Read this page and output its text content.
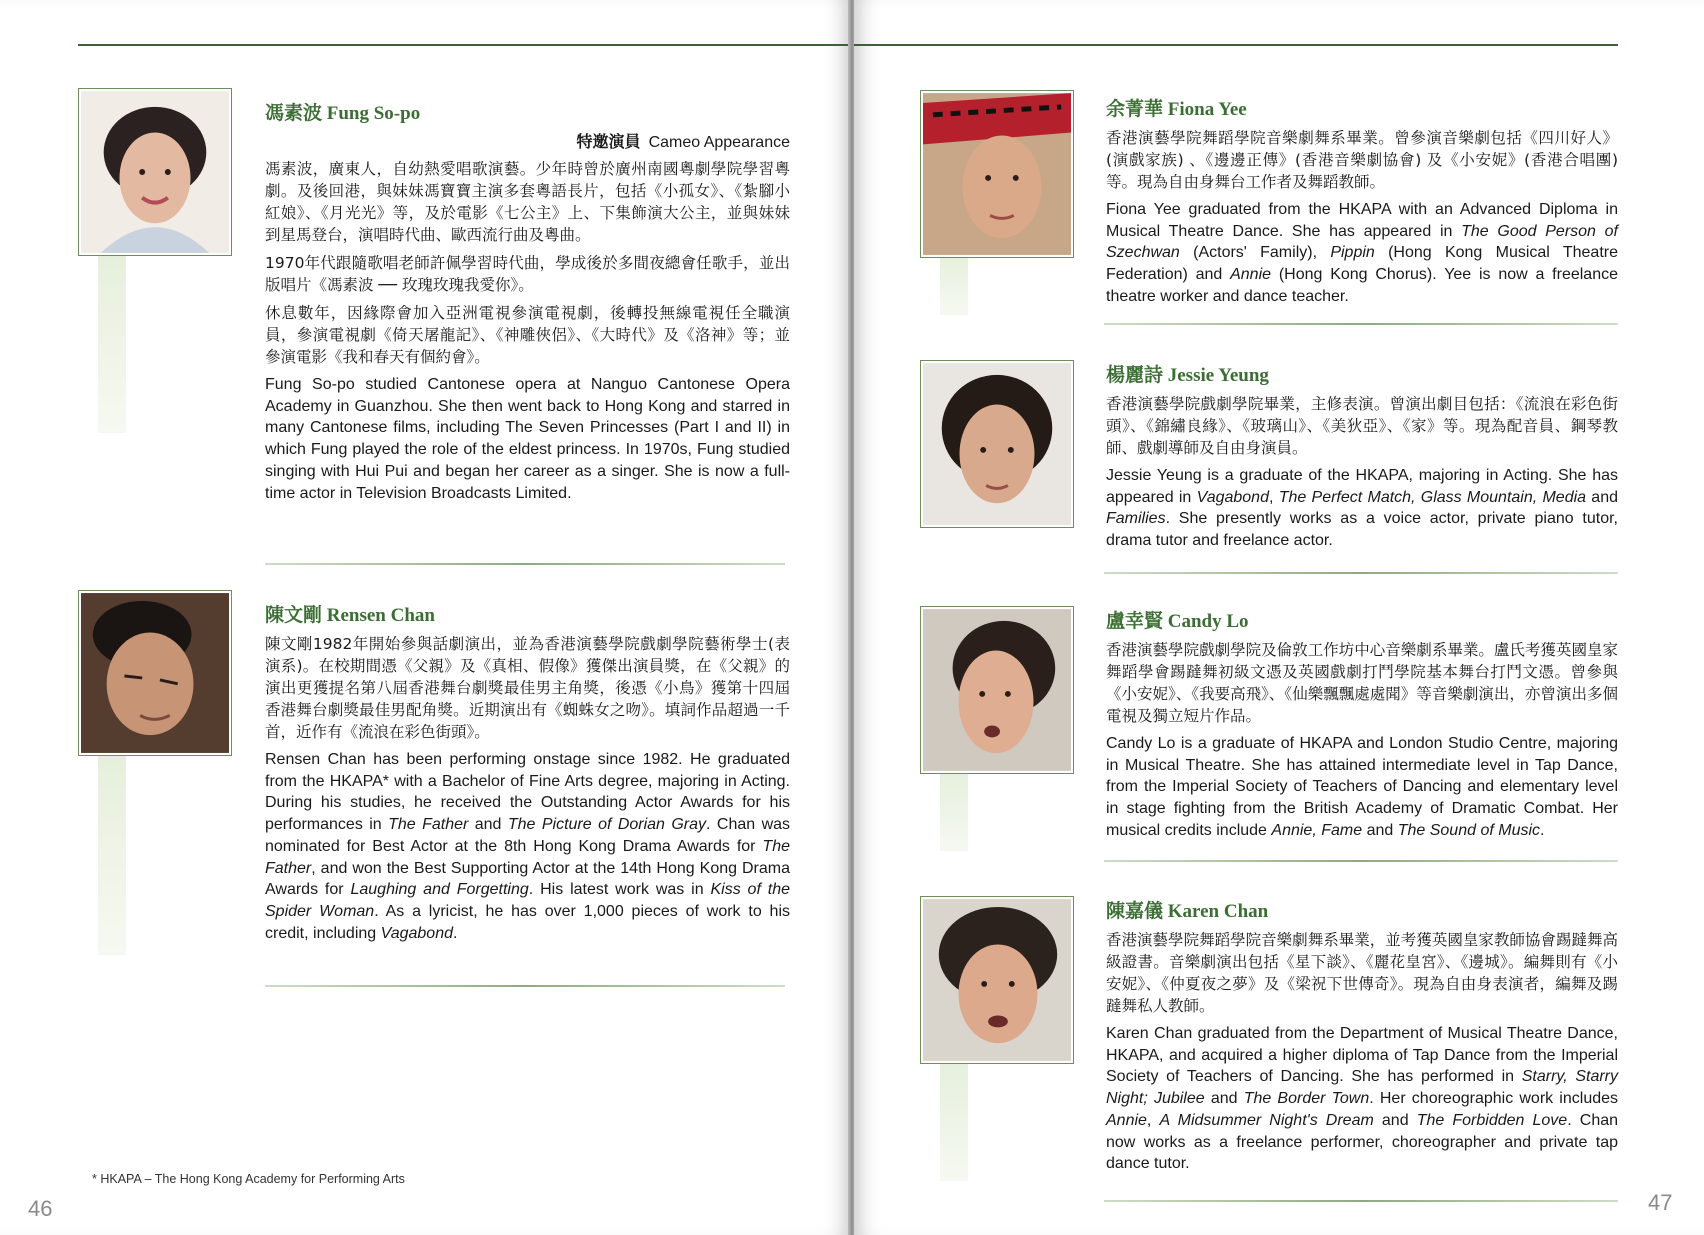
馮素波 Fung So-po
特邀演員 Cameo Appearance

馮素波，廣東人，自幼熱愛唱歌演藝。少年時曾於廣州南國粵劇學院學習粵劇。及後回港，與妹妹馮寶寶主演多套粵語長片，包括《小孤女》、《紮腳小紅娘》、《月光光》等，及於電影《七公主》上、下集飾演大公主，並與妹妹到星馬登台，演唱時代曲、歐西流行曲及粵曲。

1970年代跟隨歌唱老師許佩學習時代曲，學成後於多間夜總會任歌手，並出版唱片《馮素波 ── 玫瑰玫瑰我愛你》。

休息數年，因緣際會加入亞洲電視參演電視劇，後轉投無線電視任全職演員，參演電視劇《倚天屠龍記》、《神雕俠侶》、《大時代》及《洛神》等；並參演電影《我和春天有個約會》。

Fung So-po studied Cantonese opera at Nanguo Cantonese Opera Academy in Guanzhou. She then went back to Hong Kong and starred in many Cantonese films, including The Seven Princesses (Part I and II) in which Fung played the role of the eldest princess. In 1970s, Fung studied singing with Hui Pui and began her career as a singer. She is now a full-time actor in Television Broadcasts Limited.

陳文剛 Rensen Chan

陳文剛1982年開始參與話劇演出，並為香港演藝學院戲劇學院藝術學士(表演系)。在校期間憑《父親》及《真相、假像》獲傑出演員獎，在《父親》的演出更獲提名第八屆香港舞台劇獎最佳男主角獎，後憑《小鳥》獲第十四屆香港舞台劇獎最佳男配角獎。近期演出有《蜘蛛女之吻》。填詞作品超過一千首，近作有《流浪在彩色街頭》。

Rensen Chan has been performing onstage since 1982. He graduated from the HKAPA* with a Bachelor of Fine Arts degree, majoring in Acting. During his studies, he received the Outstanding Actor Awards for his performances in The Father and The Picture of Dorian Gray. Chan was nominated for Best Actor at the 8th Hong Kong Drama Awards for The Father, and won the Best Supporting Actor at the 14th Hong Kong Drama Awards for Laughing and Forgetting. His latest work was in Kiss of the Spider Woman. As a lyricist, he has over 1,000 pieces of work to his credit, including Vagabond.

* HKAPA – The Hong Kong Academy for Performing Arts
46
余菁華 Fiona Yee

香港演藝學院舞蹈學院音樂劇舞系畢業。曾參演音樂劇包括《四川好人》(演戲家族) 、《邊邊正傳》(香港音樂劇協會) 及《小安妮》(香港合唱團) 等。現為自由身舞台工作者及舞蹈教師。

Fiona Yee graduated from the HKAPA with an Advanced Diploma in Musical Theatre Dance. She has appeared in The Good Person of Szechwan (Actors' Family), Pippin (Hong Kong Musical Theatre Federation) and Annie (Hong Kong Chorus). Yee is now a freelance theatre worker and dance teacher.

楊麗詩 Jessie Yeung

香港演藝學院戲劇學院畢業，主修表演。曾演出劇目包括：《流浪在彩色街頭》、《錦繡良緣》、《玻璃山》、《美狄亞》、《家》等。現為配音員、鋼琴教師、戲劇導師及自由身演員。

Jessie Yeung is a graduate of the HKAPA, majoring in Acting. She has appeared in Vagabond, The Perfect Match, Glass Mountain, Media and Families. She presently works as a voice actor, private piano tutor, drama tutor and freelance actor.

盧幸賢 Candy Lo

香港演藝學院戲劇學院及倫敦工作坊中心音樂劇系畢業。盧氏考獲英國皇家舞蹈學會踢躂舞初級文憑及英國戲劇打鬥學院基本舞台打鬥文憑。曾參與《小安妮》、《我要高飛》、《仙樂飄飄處處聞》等音樂劇演出，亦曾演出多個電視及獨立短片作品。

Candy Lo is a graduate of HKAPA and London Studio Centre, majoring in Musical Theatre. She has attained intermediate level in Tap Dance, from the Imperial Society of Teachers of Dancing and elementary level in stage fighting from the British Academy of Dramatic Combat. Her musical credits include Annie, Fame and The Sound of Music.

陳嘉儀 Karen Chan

香港演藝學院舞蹈學院音樂劇舞系畢業，並考獲英國皇家教師協會踢躂舞高級證書。音樂劇演出包括《星下談》、《麗花皇宮》、《邊城》。編舞則有《小安妮》、《仲夏夜之夢》及《梁祝下世傳奇》。現為自由身表演者，編舞及踢躂舞私人教師。

Karen Chan graduated from the Department of Musical Theatre Dance, HKAPA, and acquired a higher diploma of Tap Dance from the Imperial Society of Teachers of Dancing. She has performed in Starry, Starry Night; Jubilee and The Border Town. Her choreographic work includes Annie, A Midsummer Night's Dream and The Forbidden Love. Chan now works as a freelance performer, choreographer and private tap dance tutor.

47
